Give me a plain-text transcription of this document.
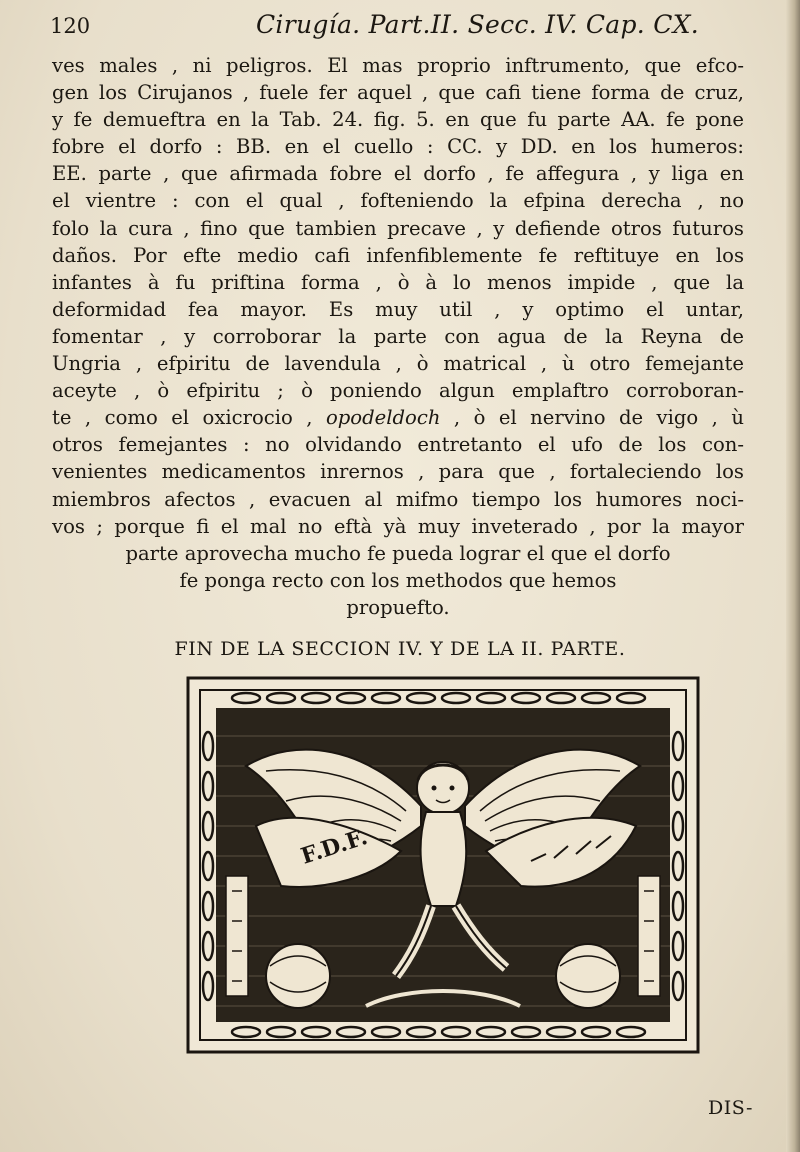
120	Cirugía. Part.II. Secc. IV. Cap. CX.
ves males , ni peligros. El mas proprio inftrumento, que efco-
gen los Cirujanos , fuele fer aquel , que cafi tiene forma de cruz,
y fe demueftra en la Tab. 24. fig. 5. en que fu parte AA. fe pone
fobre el dorfo : BB. en el cuello : CC. y DD. en los humeros:
EE. parte , que afirmada fobre el dorfo , fe affegura , y liga en
el vientre : con el qual , fofteniendo la efpina derecha , no
folo la cura , fino que tambien precave , y defiende otros futuros
daños. Por efte medio cafi infenfiblemente fe reftituye en los
infantes à fu priftina forma , ò à lo menos impide , que la
deformidad fea mayor. Es muy util , y optimo el untar,
fomentar , y corroborar la parte con agua de la Reyna de
Ungria , efpiritu de lavendula , ò matrical , ù otro femejante
aceyte , ò efpiritu ; ò poniendo algun emplaftro corroboran-
te , como el oxicrocio , opodeldoch , ò el nervino de vigo , ù
otros femejantes : no olvidando entretanto el ufo de los con-
venientes medicamentos inrernos , para que , fortaleciendo los
miembros afectos , evacuen al mifmo tiempo los humores noci-
vos ; porque fi el mal no eftà yà muy inveterado , por la mayor
parte aprovecha mucho fe pueda lograr el que el dorfo
fe ponga recto con los methodos que hemos
propuefto.
FIN DE LA SECCION IV. Y DE LA II. PARTE.
F.D.F.
DIS-
